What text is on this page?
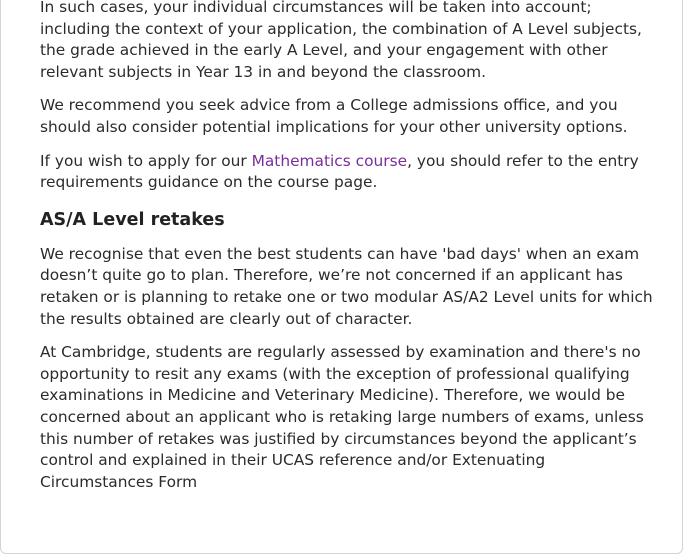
In such cases, your individual circumstances will be taken into account; including the context of your application, the combination of A Level subjects, the grade achieved in the early A Level, and your engagement with other relevant subjects in Year 13 in and beyond the classroom.

We recommend you seek advice from a College admissions office, and you should also consider potential implications for your other university options.

If you wish to apply for our Mathematics course, you should refer to the entry requirements guidance on the course page.

AS/A Level retakes

We recognise that even the best students can have 'bad days' when an exam doesn’t quite go to plan. Therefore, we’re not concerned if an applicant has retaken or is planning to retake one or two modular AS/A2 Level units for which the results obtained are clearly out of character.

At Cambridge, students are regularly assessed by examination and there's no opportunity to resit any exams (with the exception of professional qualifying examinations in Medicine and Veterinary Medicine). Therefore, we would be concerned about an applicant who is retaking large numbers of exams, unless this number of retakes was justified by circumstances beyond the applicant’s control and explained in their UCAS reference and/or Extenuating Circumstances Form
